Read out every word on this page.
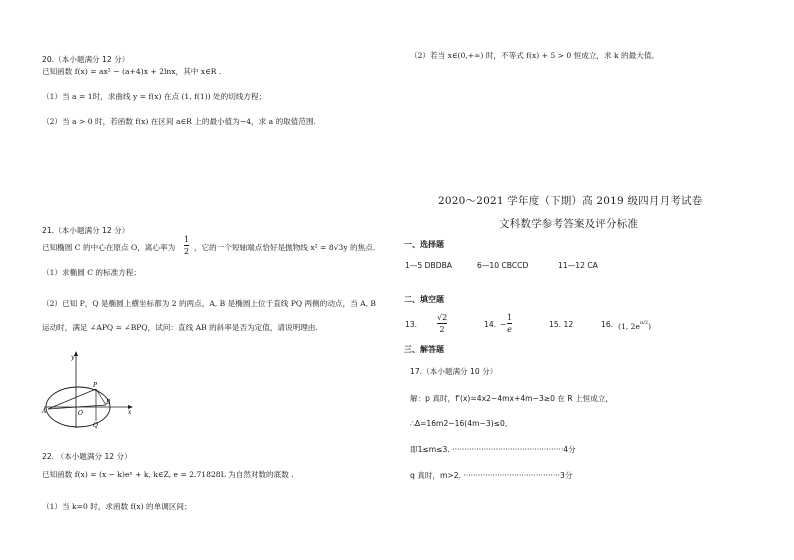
20.（本小题满分 12 分）
已知函数 f(x) = ax² − (a+4)x + 2lnx，其中 x∈R .
（1）当 a = 1时，求曲线 y = f(x) 在点 (1, f(1)) 处的切线方程；
（2）当 a > 0 时，若函数 f(x) 在区间 a∈R 上的最小值为−4，求 a 的取值范围.
21.（本小题满分 12 分）
已知椭圆 C 的中心在原点 O，离心率为
1
2 ，它的一个短轴端点恰好是抛物线 x² = 8√3y 的焦点.
（1）求椭圆 C 的标准方程；
（2）已知 P，Q 是椭圆上横坐标都为 2 的两点，A, B 是椭圆上位于直线 PQ 两侧的动点，当 A, B
运动时，满足 ∠APQ = ∠BPQ，试问：直线 AB 的斜率是否为定值，请说明理由.
y
x
P
Q
O
A
B
22. （本小题满分 12 分）
已知函数 f(x) = (x − k)eˣ + k, k∈Z, e = 2.71828L 为自然对数的底数 .
（1）当 k=0 时，求函数 f(x) 的单调区间；
（2）若当 x∈(0,+∞) 时，不等式 f(x) + 5 > 0 恒成立，求 k 的最大值。
2020～2021 学年度（下期）高 2019 级四月月考试卷
文科数学参考答案及评分标准
一、选择题
1—5 DBDBA	6—10 CBCCD	11—12 CA
二、填空题
13.
√2
2
14. −
1
e
15. 12	16. (1, $2e^{\pi/2}$)
三、解答题
17.（本小题满分 10 分）
解：p 真时，f'(x)=4x2−4mx+4m−3≥0 在 R 上恒成立，
∴Δ=16m2−16(4m−3)≤0,
即1≤m≤3. ··············································4分
q 真时，m>2. ········································3分
